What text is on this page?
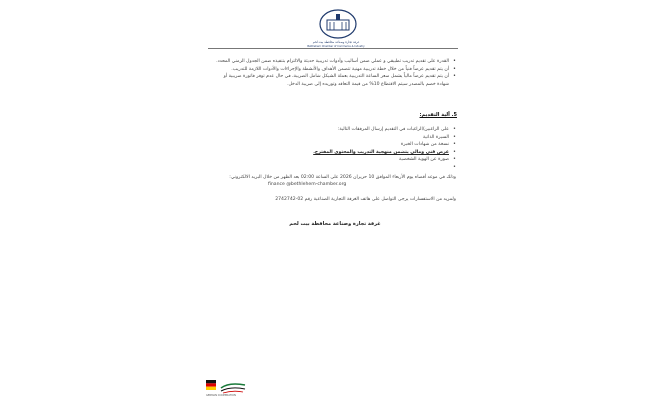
غرفة تجارة وصناعة محافظة بيت لحم
Bethlehem Chamber of Commerce & Industry

•
القدرة على تقديم تدريب تطبيقي و عملي ضمن أساليب وأدوات تدريبية حديثة والالتزام بتنفيذه ضمن الجدول الزمني المحدد.

•
أن يتم تقديم عرضاً فنياً من خلال خطة تدريبية مهنية تتضمن الأهداف والأنشطة والإجراءات والأدوات اللازمة للتدريب.

•
أن يتم تقديم عرضاً مالياً يشمل سعر الساعة التدريبية بعملة الشيكل شامل الضريبة، في حال عدم توفر فاتورة ضريبية أو شهادة خصم بالمصدر سيتم الاقتطاع 10% من قيمة التعاقد وتوريده إلى ضريبة الدخل.

5. آلية التقديم:
•
على الراغبين/الراغبات في التقديم إرسال المرفقات التالية:
•
السيرة الذاتية
•
نسخة من شهادات الخبرة
•
عرض فني ومالي يتضمن منهجية التدريب والمحتوى المقترح.
•
صورة عن الهوية الشخصية
•
وذلك في موعد أقصاه يوم الأربعاء الموافق 10 حزيران 2026 على الساعة 02:00 بعد الظهر من خلال البريد الالكتروني:
finance @bethlehem-chamber.org
ولمزيد من الاستفسارات يرجى التواصل على هاتف الغرفة التجارية الصناعية رقم 02-2742742
غرفة تجارة وصناعة محافظة بيت لحم
GERMAN COOPERATION
